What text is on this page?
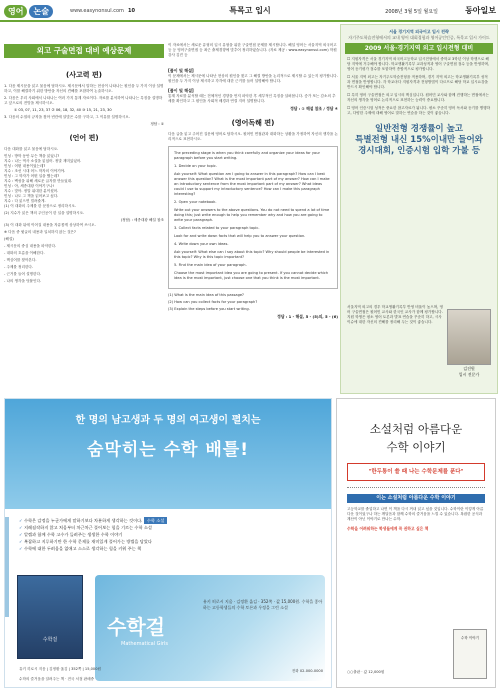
영어	논술	www.easynonsul.com 10	특목고 입시	2008년 3월 5일 월요일	동아일보
외고 구술면접 대비 예상문제
이 자료에서는 새로운 유형의 입시 유형을 위한 구술면접 문제를 제시합니다. 해설 영어는 서울지역 외국어고등 등 영어구술면접 등 최근 출제경향에 맞추어 정리하였습니다. (자료 제공 : www.easynonsul.com) 학원 강사 김진 등
(사고력 편)

1. 다음 제시문을 읽고 물음에 답하시오. 제시문에서 말하는 현상이 나타나는 원인을 두 가지 이상 설명하고, 이를 해결하기 위한 방안을 자신의 견해를 포함하여 논술하시오.

2. 다음은 우리 사회에서 나타나는 여러 가지 통계 자료이다. 자료를 분석하여 나타나는 특징을 설명하고 앞으로의 전망을 제시하시오.

① 03, 07, 11, 23, 37 ② 06, 18, 32, 40 ③ 15, 21, 23, 30

3. 다음의 수열의 규칙을 찾아 빈칸에 알맞은 수를 구하고, 그 이유를 설명하시오.

정답 : ①

(언어 편)

다음 대화를 읽고 물음에 답하시오.

민성 : 방학 동안 무슨 책을 읽었니?

지수 : 나는 역사 소설을 읽었어. 정말 재미있었어.

민성 : 어떤 내용이었는데?

지수 : 조선 시대 어느 학자의 이야기야.

민성 : 그 학자가 어떤 일을 했는데?

지수 : 백성을 위해 새로운 글자를 만들었대.

민성 : 아, 세종대왕 이야기구나!

지수 : 맞아. 정말 위대한 분이셨어.

민성 : 나도 그 책을 읽어보고 싶다.

지수 : 다 읽으면 빌려줄게.

(1) 이 대화의 주제를 한 문장으로 정리하시오.

(2) 지수가 읽은 책의 주인공이 한 일을 설명하시오.

(정답) : 세종대왕 해설 참조

(3) 이 대화 뒤에 이어질 내용을 자유롭게 상상하여 쓰시오.

※ 다음 중 윗글의 내용과 일치하지 않는 것은?

(해설)

- 제시문의 중심 내용을 파악한다.

- 대화의 흐름을 이해한다.

- 핵심어를 찾아본다.

- 주제를 정리한다.

- 근거를 들어 설명한다.

- 나의 생각을 덧붙인다.

[풀이 및 해설]

이 문제에서는 제시문에 나타난 현상의 원인을 찾고 그 해결 방안을 논리적으로 제시할 수 있는지 평가합니다. 원인을 두 가지 이상 제시하고 각각에 대한 근거를 들어 설명해야 합니다.

[풀이 및 해설]

통계 자료를 분석할 때는 전체적인 경향을 먼저 파악한 후 세부적인 특징을 살펴봅니다. 증가 또는 감소의 추세를 확인하고 그 원인을 사회적 배경과 연결 지어 설명합니다.

정답 : ① 해설 참조 / 정답 ④

(영어독해 편)

다음 글을 읽고 주어진 질문에 영어로 답하시오. 원어민 면접관과 대화하는 상황을 가정하여 자신의 생각을 논리적으로 표현하시오.

The preceding stage is when you think carefully and organize your ideas for your paragraph before you start writing.

1. Decide on your topic.

Ask yourself: What question am I going to answer in this paragraph? How can I best answer this question? What is the most important part of my answer? How can I make an introductory sentence from the most important part of my answer? What ideas could I use to support my introductory sentence? How can I make this paragraph interesting?

2. Open your notebook.

Write out your answers to the above questions. You do not need to spend a lot of time doing this; just write enough to help you remember why and how you are going to write your paragraph.

3. Collect facts related to your paragraph topic.

Look for and write down facts that will help you to answer your question.

4. Write down your own ideas.

Ask yourself: What else can I say about this topic? Why should people be interested in this topic? Why is this topic important?

5. Find the main idea of your paragraph.

Choose the most important idea you are going to present. If you cannot decide which idea is the most important, just choose one that you think is the most important.

(1) What is the main idea of this passage?

(2) How can you collect facts for your paragraph?

(3) Explain the steps before you start writing.

정답 : 1 - 해설, 5 - (5)의, 5 - (6)

서울 경기지역 외국어고 입시 전략
자기주도학습전형에서의 교내 영어 대회경험과 영어공인인증, 특목고 입시 가이드
2009 서울·경기지역 외고 입시전형 대비

☐ 지원자격은 서울 경기지역 외국어고등학교 입시전형에서 중학교 3학년 이상 학생으로 해당 지역에 거주해야 합니다. 학교생활기록부 교과성적과 영어 구술면접 점수 등을 반영하며, 영어 듣기평가 점수를 포함하여 종합적으로 평가합니다.

☐ 서울 지역 외고는 자기주도학습전형을 적용하며, 경기 지역 외고는 학교생활기록부 성적과 면접을 반영합니다. 각 학교마다 지원자격과 전형방법이 다르므로 해당 학교 입시요강을 반드시 확인해야 합니다.

☐ 특히 영어 구술면접은 외고 입시의 핵심입니다. 원어민 교사와 함께 진행하는 면접에서는 자신의 생각을 영어로 논리적으로 표현하는 능력이 중요합니다.

☐ 영어 인증시험 성적은 중요한 참고자료가 됩니다. 평소 꾸준히 영어 독서와 듣기를 병행하고, 다양한 주제에 대해 영어로 말하는 연습을 하는 것이 좋습니다.

일반전형 경쟁률이 높고
특별전형 내신 15%이내만 들어와
경시대회, 인증시험 입학 가불 등

서울지역 외고의 경우 학교생활기록부 반영 비율이 높으며, 영어 구술면접은 원어민 교사와 한국인 교사가 함께 평가합니다. 지원 학생은 평소 영어 토론과 발표 연습을 꾸준히 하고, 시사 이슈에 대한 자신의 견해를 정리해 두는 것이 좋습니다.

김진원
입시 전문가
한 명의 남고생과 두 명의 여고생이 펼치는
숨막히는 수학 배틀!

✓ 수학은 감정을 누군가에게 말하기보다 차분하게 생각하는 것이다. 수학 소설

✓ 지레짐작하지 않고 처음부터 차근차근 풀어보는 힘을 기르는 수학 소설

✓ 알렙과 함께 수학 고수가 들려주는 생생한 수학 이야기

✓ 복잡하고 지루하기만 한 수학 문제를 재미있게 풀어가는 방법을 담았다

✓ 수학에 대한 두려움을 없애고 스스로 생각하는 힘을 키워 주는 책

수학걸
수학걸
Mathematical Girls
유키 히로시 지음 · 김정환 옮김 · 352쪽 · 값 15,000원. 수학을 좋아하는 고등학생들의 수학 토론과 우정을 그린 소설
유키 히로시 지음 | 김정환 옮김 | 352쪽 | 15,000원
수학의 즐거움을 알려주는 책 · 전국 서점 판매중
전화 02-000-0000
소설처럼 아름다운
수학 이야기
"한두통이 쓸 때 나는 수학문제를 푼다"
이는 소설처럼 아름다운 수학 이야기

고등학교를 졸업하고 나면 이 책을 다시 꺼내 읽고 싶을 것입니다. 수학이란 이렇게 아름다운 것이었구나 하는 깨달음과 함께 수학의 즐거움을 느낄 수 있습니다. 복잡한 공식과 계산이 아닌 이야기로 만나는 수학.

수학을 어려워하는 학생들에게 꼭 권하고 싶은 책

수학 이야기
○○출판 · 값 12,000원
